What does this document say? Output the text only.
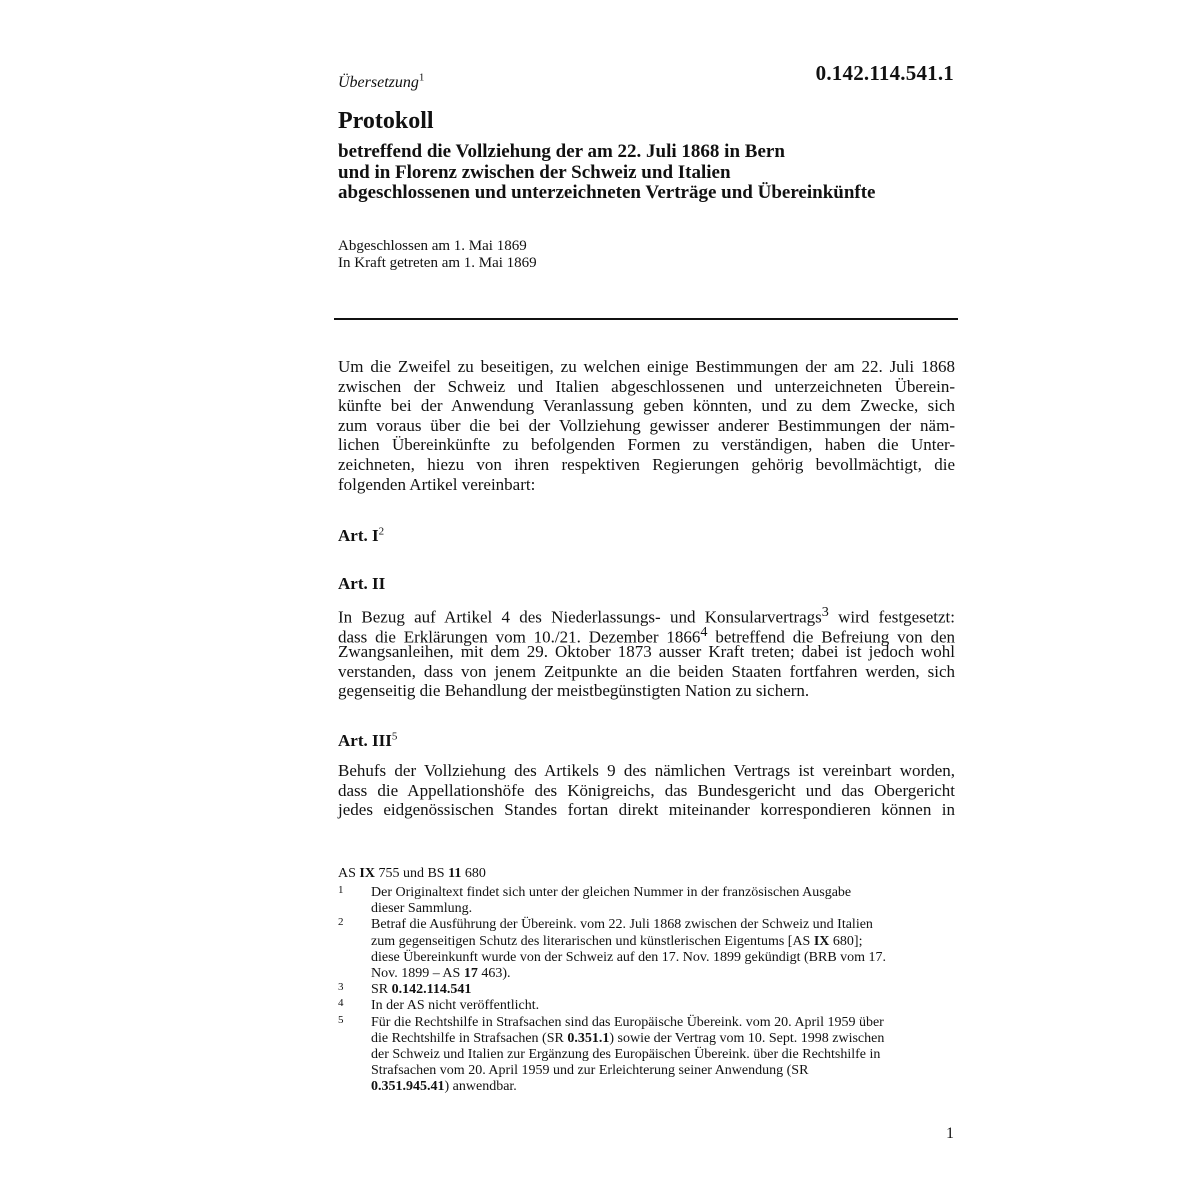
0.142.114.541.1
Übersetzung$^1$
Protokoll
betreffend die Vollziehung der am 22. Juli 1868 in Bern
und in Florenz zwischen der Schweiz und Italien
abgeschlossenen und unterzeichneten Verträge und Übereinkünfte
Abgeschlossen am 1. Mai 1869
In Kraft getreten am 1. Mai 1869
Um die Zweifel zu beseitigen, zu welchen einige Bestimmungen der am 22. Juli 1868
zwischen der Schweiz und Italien abgeschlossenen und unterzeichneten Überein-
künfte bei der Anwendung Veranlassung geben könnten, und zu dem Zwecke, sich
zum voraus über die bei der Vollziehung gewisser anderer Bestimmungen der näm-
lichen Übereinkünfte zu befolgenden Formen zu verständigen, haben die Unter-
zeichneten, hiezu von ihren respektiven Regierungen gehörig bevollmächtigt, die
folgenden Artikel vereinbart:
Art. $I^2$
Art. II
In Bezug auf Artikel 4 des Niederlassungs- und Konsularvertrags$^3$ wird festgesetzt:
dass die Erklärungen vom 10./21. Dezember 1866$^4$ betreffend die Befreiung von den
Zwangsanleihen, mit dem 29. Oktober 1873 ausser Kraft treten; dabei ist jedoch wohl
verstanden, dass von jenem Zeitpunkte an die beiden Staaten fortfahren werden, sich
gegenseitig die Behandlung der meistbegünstigten Nation zu sichern.
Art. III$^5$
Behufs der Vollziehung des Artikels 9 des nämlichen Vertrags ist vereinbart worden,
dass die Appellationshöfe des Königreichs, das Bundesgericht und das Obergericht
jedes eidgenössischen Standes fortan direkt miteinander korrespondieren können in
AS IX 755 und BS 11 680
1 Der Originaltext findet sich unter der gleichen Nummer in der französischen Ausgabe
dieser Sammlung.
2 Betraf die Ausführung der Übereink. vom 22. Juli 1868 zwischen der Schweiz und Italien
zum gegenseitigen Schutz des literarischen und künstlerischen Eigentums [AS IX 680];
diese Übereinkunft wurde von der Schweiz auf den 17. Nov. 1899 gekündigt (BRB vom 17.
Nov. 1899 – AS 17 463).
3 SR 0.142.114.541
4 In der AS nicht veröffentlicht.
5 Für die Rechtshilfe in Strafsachen sind das Europäische Übereink. vom 20. April 1959 über
die Rechtshilfe in Strafsachen (SR 0.351.1) sowie der Vertrag vom 10. Sept. 1998 zwischen
der Schweiz und Italien zur Ergänzung des Europäischen Übereink. über die Rechtshilfe in
Strafsachen vom 20. April 1959 und zur Erleichterung seiner Anwendung (SR
0.351.945.41) anwendbar.
1
